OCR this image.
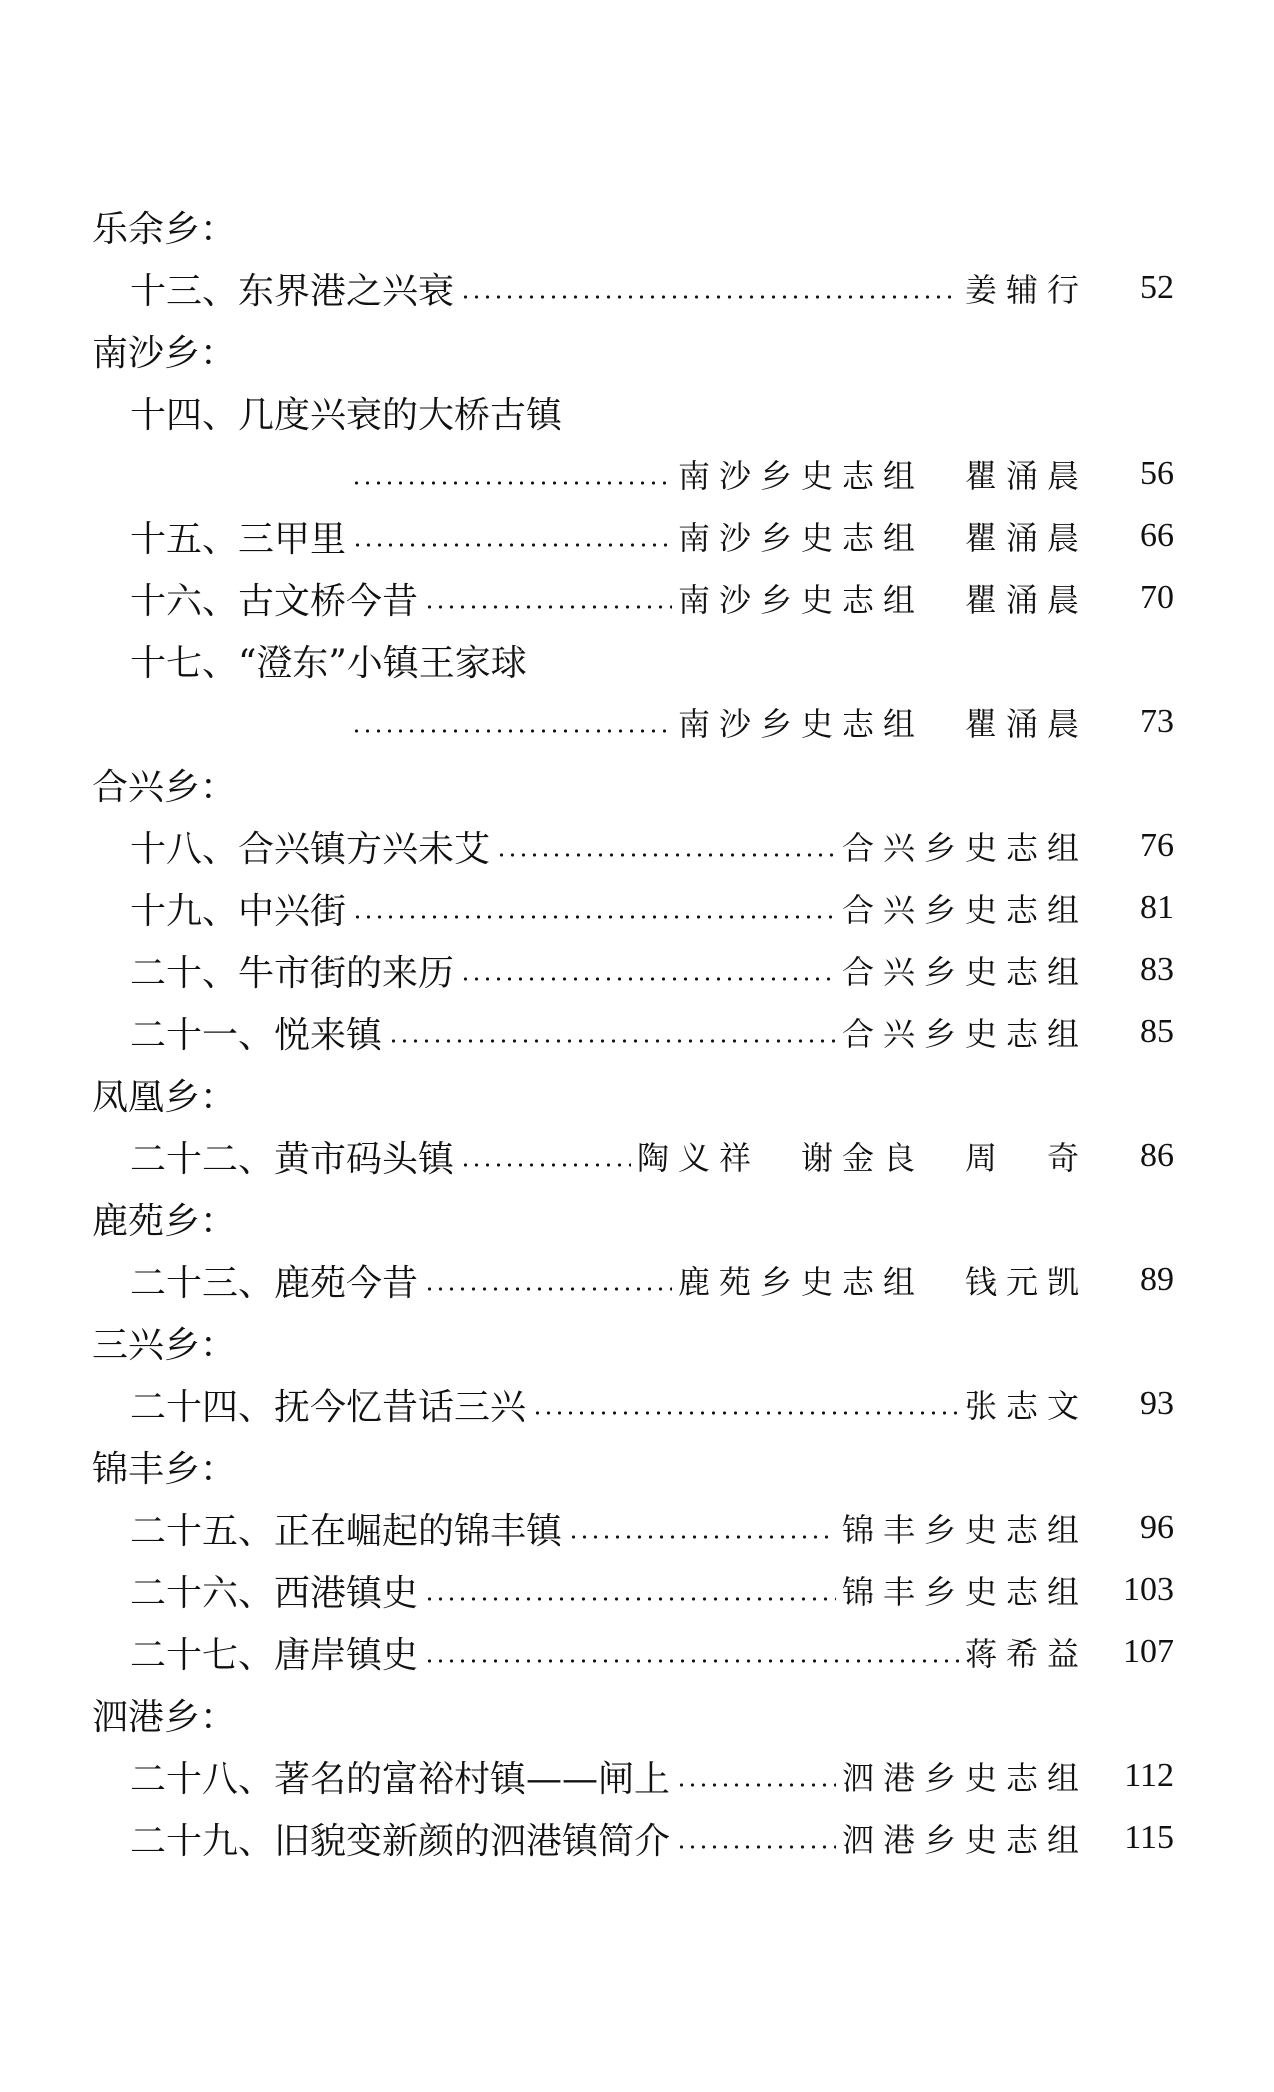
乐余乡：
十三、东界港之兴衰	姜辅行	52
南沙乡：
十四、几度兴衰的大桥古镇
南沙乡史志组　瞿涌晨	56
十五、三甲里	南沙乡史志组　瞿涌晨	66
十六、古文桥今昔	南沙乡史志组　瞿涌晨	70
十七、“澄东”小镇王家球
南沙乡史志组　瞿涌晨	73
合兴乡：
十八、合兴镇方兴未艾	合兴乡史志组	76
十九、中兴街	合兴乡史志组	81
二十、牛市街的来历	合兴乡史志组	83
二十一、悦来镇	合兴乡史志组	85
凤凰乡：
二十二、黄市码头镇	陶义祥　谢金良　周　奇	86
鹿苑乡：
二十三、鹿苑今昔	鹿苑乡史志组　钱元凯	89
三兴乡：
二十四、抚今忆昔话三兴	张志文	93
锦丰乡：
二十五、正在崛起的锦丰镇	锦丰乡史志组	96
二十六、西港镇史	锦丰乡史志组	103
二十七、唐岸镇史	蒋希益	107
泗港乡：
二十八、著名的富裕村镇——闸上	泗港乡史志组	112
二十九、旧貌变新颜的泗港镇简介	泗港乡史志组	115
